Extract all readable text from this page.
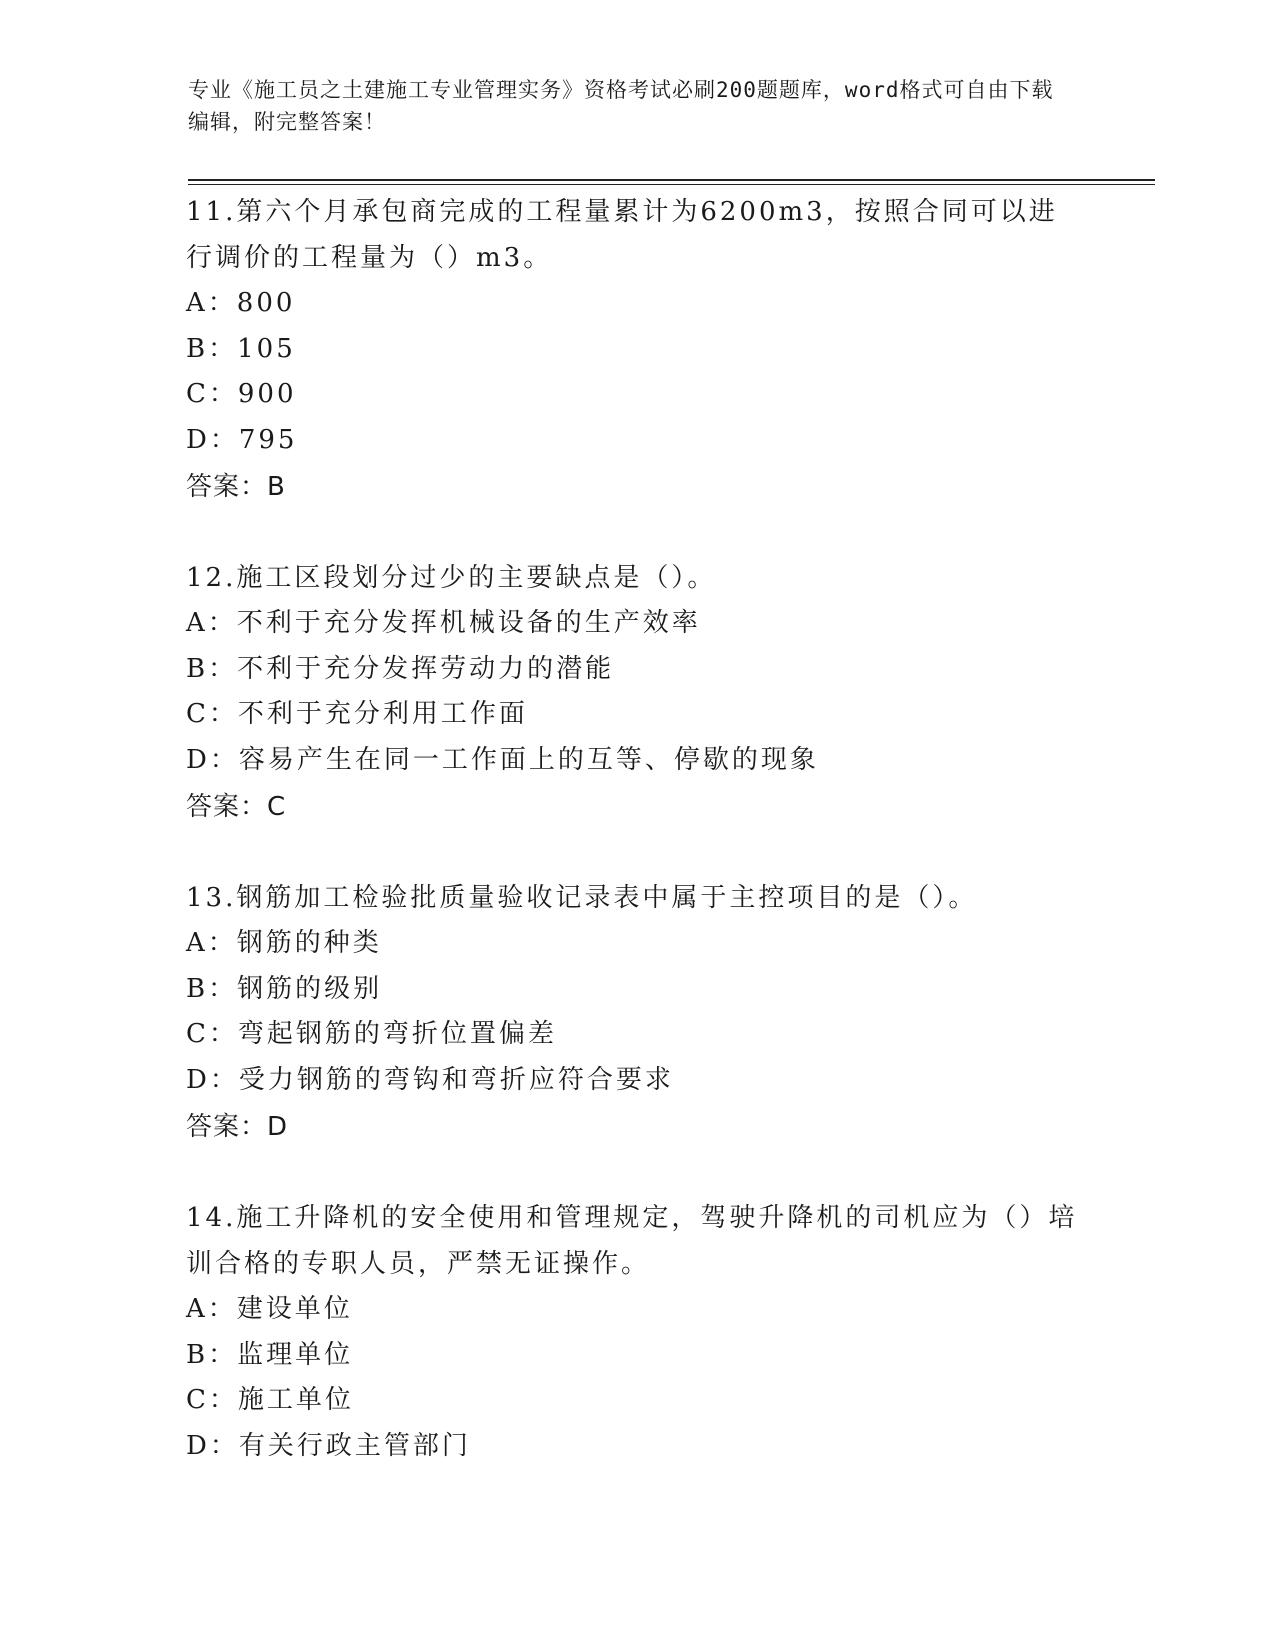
专业《施工员之土建施工专业管理实务》资格考试必刷200题题库，word格式可自由下载编辑，附完整答案！
11.第六个月承包商完成的工程量累计为6200m3，按照合同可以进行调价的工程量为（）m3。
A：800
B：105
C：900
D：795
答案：B
12.施工区段划分过少的主要缺点是（）。
A：不利于充分发挥机械设备的生产效率
B：不利于充分发挥劳动力的潜能
C：不利于充分利用工作面
D：容易产生在同一工作面上的互等、停歇的现象
答案：C
13.钢筋加工检验批质量验收记录表中属于主控项目的是（）。
A：钢筋的种类
B：钢筋的级别
C：弯起钢筋的弯折位置偏差
D：受力钢筋的弯钩和弯折应符合要求
答案：D
14.施工升降机的安全使用和管理规定，驾驶升降机的司机应为（）培训合格的专职人员，严禁无证操作。
A：建设单位
B：监理单位
C：施工单位
D：有关行政主管部门
